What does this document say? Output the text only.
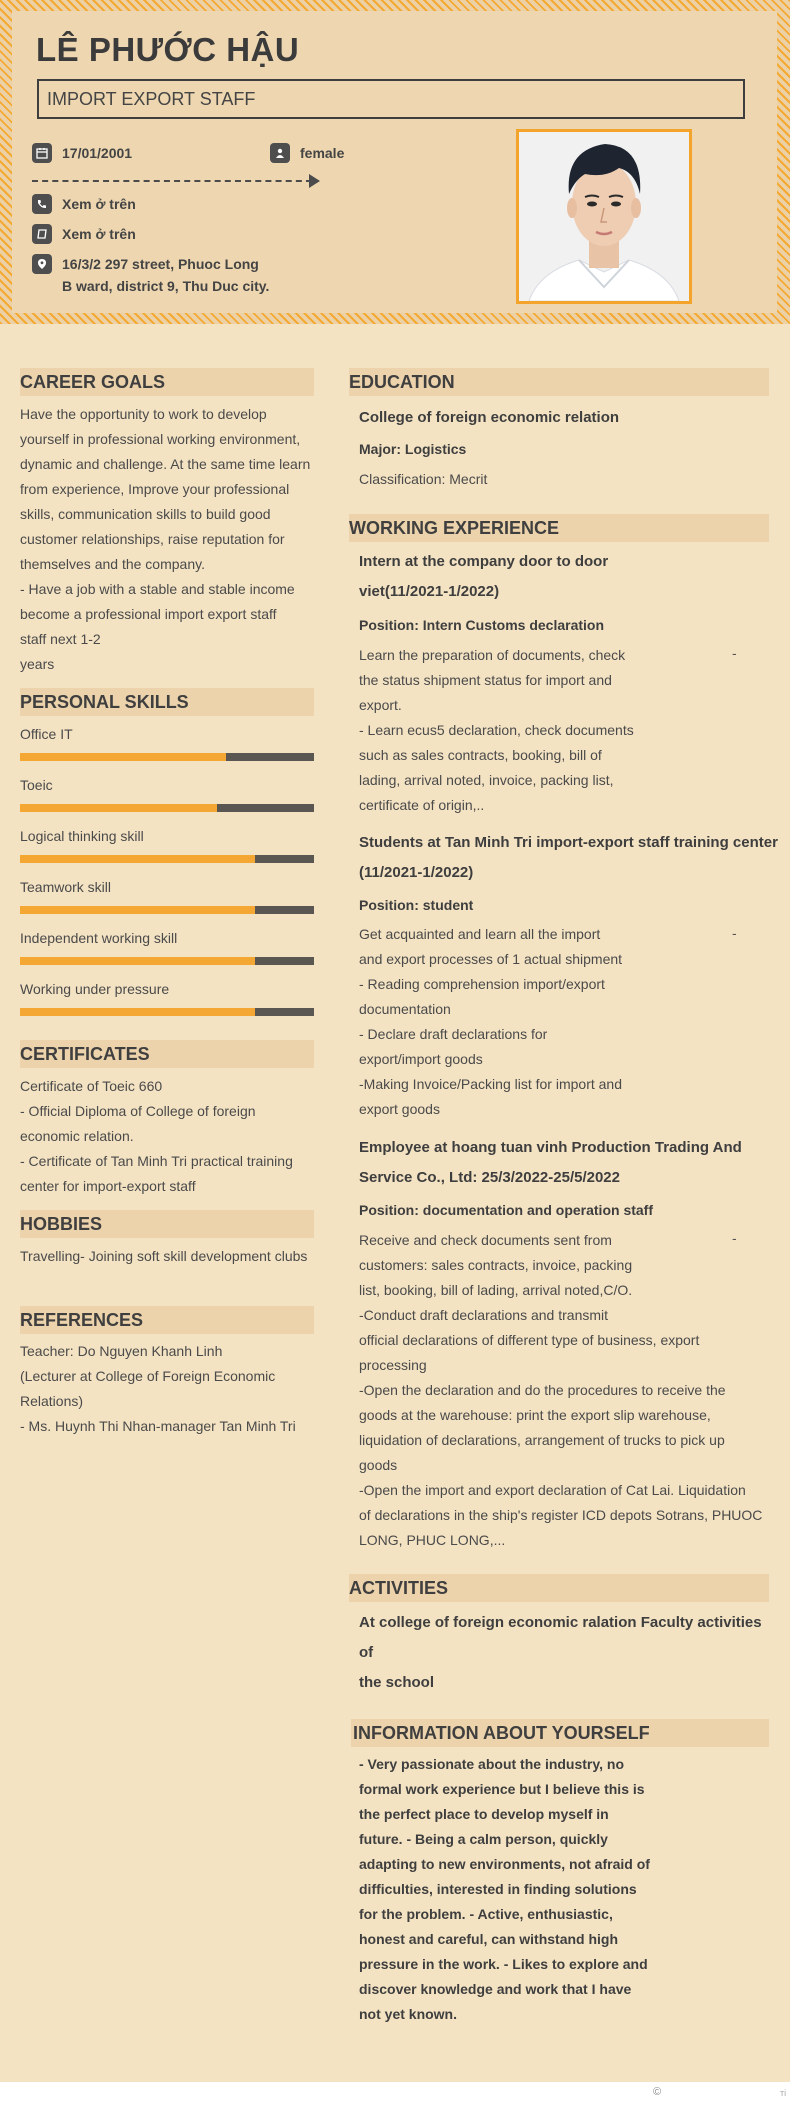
LÊ PHƯỚC HẬU
IMPORT EXPORT STAFF
17/01/2001	female
Xem ở trên
Xem ở trên
16/3/2 297 street, Phuoc Long
B ward, district 9, Thu Duc city.
CAREER GOALS

Have the opportunity to work to develop

yourself in professional working environment,

dynamic and challenge. At the same time learn

from experience, Improve your professional

skills, communication skills to build good

customer relationships, raise reputation for

themselves and the company.

- Have a job with a stable and stable income

become a professional import export staff

staff next 1-2

years

PERSONAL SKILLS
Office IT
Toeic
Logical thinking skill
Teamwork skill
Independent working skill
Working under pressure
CERTIFICATES

Certificate of Toeic 660

- Official Diploma of College of foreign

economic relation.

- Certificate of Tan Minh Tri practical training

center for import-export staff

HOBBIES

Travelling- Joining soft skill development clubs

REFERENCES

Teacher: Do Nguyen Khanh Linh

(Lecturer at College of Foreign Economic

Relations)

- Ms. Huynh Thi Nhan-manager Tan Minh Tri

EDUCATION
College of foreign economic relation
Major: Logistics
Classification: Mecrit
WORKING EXPERIENCE

Intern at the company door to door

viet(11/2021-1/2022)

Position: Intern Customs declaration
-

Learn the preparation of documents, check

the status shipment status for import and

export.

- Learn ecus5 declaration, check documents

such as sales contracts, booking, bill of

lading, arrival noted, invoice, packing list,

certificate of origin,..

Students at Tan Minh Tri import-export staff training center

(11/2021-1/2022)

Position: student
-

Get acquainted and learn all the import

and export processes of 1 actual shipment

- Reading comprehension import/export

documentation

- Declare draft declarations for

export/import goods

-Making Invoice/Packing list for import and

export goods

Employee at hoang tuan vinh Production Trading And

Service Co., Ltd: 25/3/2022-25/5/2022

Position: documentation and operation staff
-

Receive and check documents sent from

customers: sales contracts, invoice, packing

list, booking, bill of lading, arrival noted,C/O.

-Conduct draft declarations and transmit

official declarations of different type of business, export

processing

-Open the declaration and do the procedures to receive the

goods at the warehouse: print the export slip warehouse,

liquidation of declarations, arrangement of trucks to pick up

goods

-Open the import and export declaration of Cat Lai. Liquidation

of declarations in the ship's register ICD depots Sotrans, PHUOC

LONG, PHUC LONG,...

ACTIVITIES

At college of foreign economic ralation Faculty activities of

the school

INFORMATION ABOUT YOURSELF

- Very passionate about the industry, no

formal work experience but I believe this is

the perfect place to develop myself in

future. - Being a calm person, quickly

adapting to new environments, not afraid of

difficulties, interested in finding solutions

for the problem. - Active, enthusiastic,

honest and careful, can withstand high

pressure in the work. - Likes to explore and

discover knowledge and work that I have

not yet known.

©	ті
